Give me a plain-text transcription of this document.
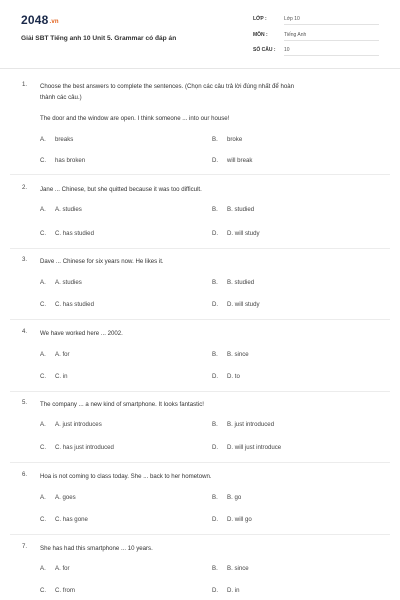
2048.vn
Giải SBT Tiếng anh 10 Unit 5. Grammar có đáp án
LỚP :	Lớp 10
MÔN :	Tiếng Anh
SỐ CÂU : 10
1. Choose the best answers to complete the sentences. (Chọn các câu trả lời đúng nhất để hoàn
thành các câu.)
The door and the window are open. I think someone ... into our house!
A. breaks	B. broke
C. has broken	D. will break
2. Jane ... Chinese, but she quitted because it was too difficult.
A. A. studies	B. B. studied
C. C. has studied	D. D. will study
3. Dave ... Chinese for six years now. He likes it.
A. A. studies	B. B. studied
C. C. has studied	D. D. will study
4. We have worked here ... 2002.
A. A. for	B. B. since
C. C. in	D. D. to
5. The company ... a new kind of smartphone. It looks fantastic!
A. A. just introduces	B. B. just introduced
C. C. has just introduced	D. D. will just introduce
6. Hoa is not coming to class today. She ... back to her hometown.
A. A. goes	B. B. go
C. C. has gone	D. D. will go
7. She has had this smartphone ... 10 years.
A. A. for	B. B. since
C. C. from	D. D. in
